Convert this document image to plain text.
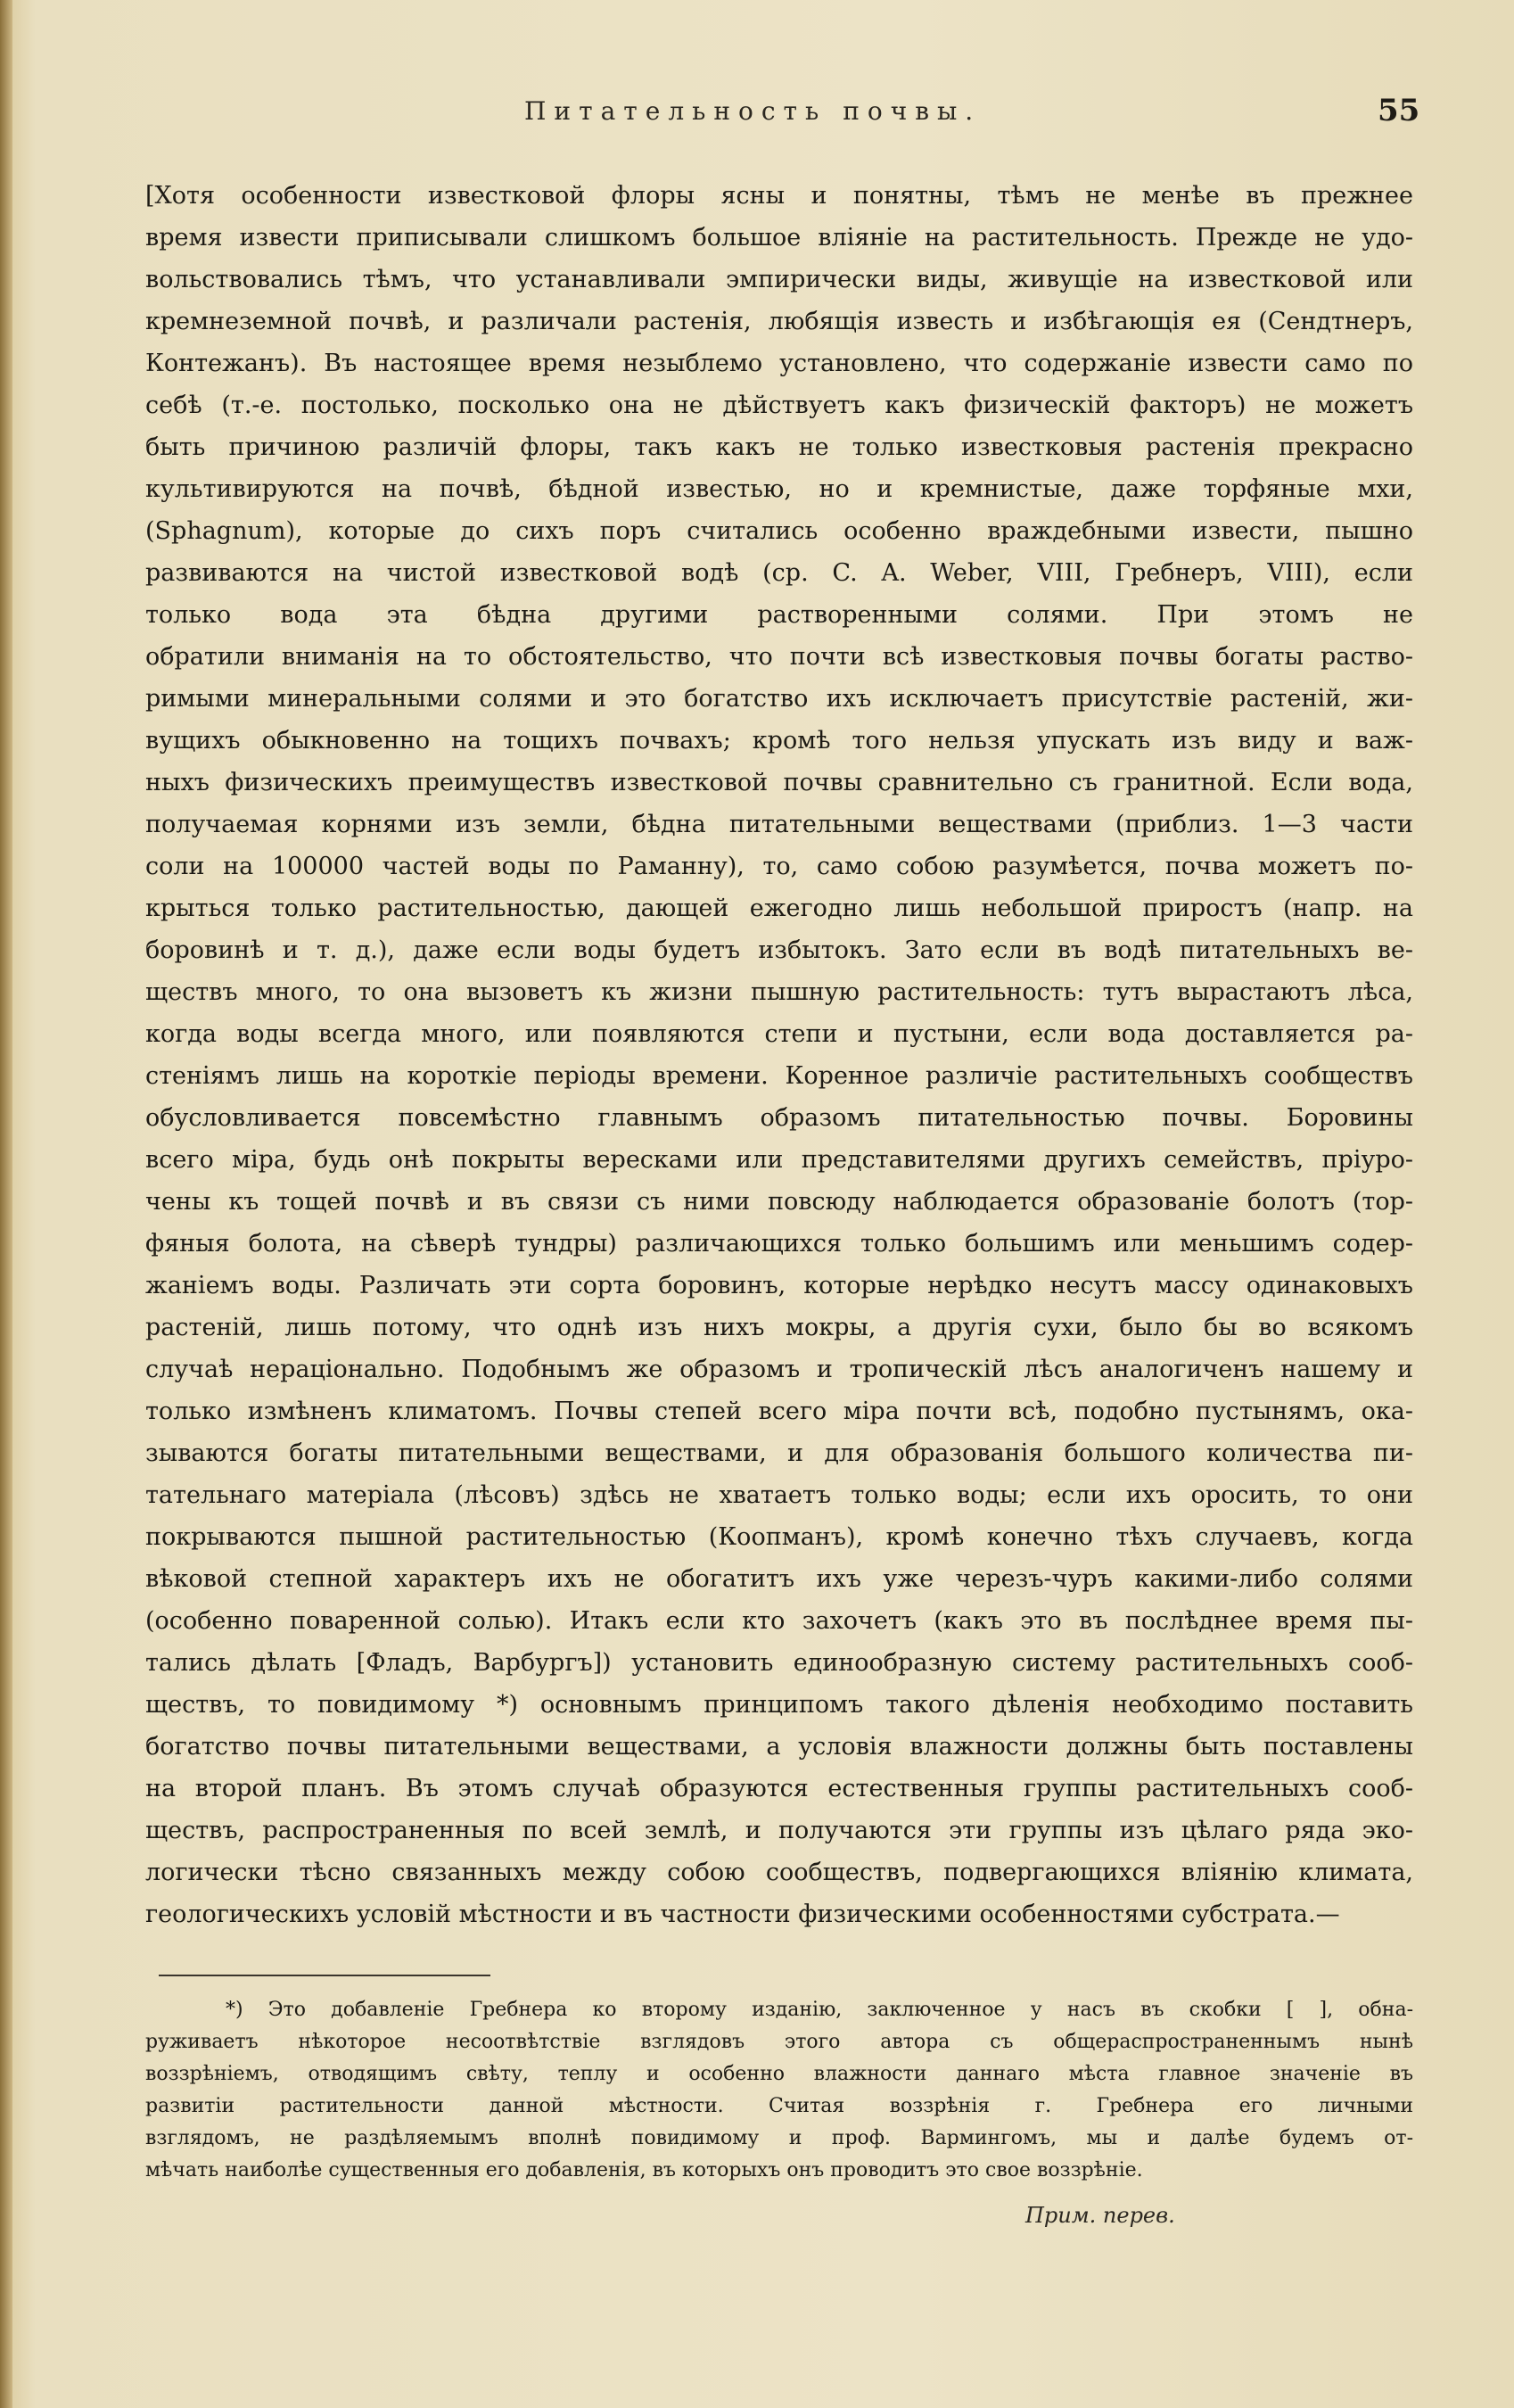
Питательность почвы.	55
[Хотя особенности известковой флоры ясны и понятны, тѣмъ не менѣе въ прежнее
время извести приписывали слишкомъ большое вліяніе на растительность. Прежде не удо-
вольствовались тѣмъ, что устанавливали эмпирически виды, живущіе на известковой или
кремнеземной почвѣ, и различали растенія, любящія известь и избѣгающія ея (Сендтнеръ,
Контежанъ). Въ настоящее время незыблемо установлено, что содержаніе извести само по
себѣ (т.-е. постолько, посколько она не дѣйствуетъ какъ физическій факторъ) не можетъ
быть причиною различій флоры, такъ какъ не только известковыя растенія прекрасно
культивируются на почвѣ, бѣдной известью, но и кремнистые, даже торфяные мхи,
(Sphagnum), которые до сихъ поръ считались особенно враждебными извести, пышно
развиваются на чистой известковой водѣ (ср. C. A. Weber, VIII, Гребнеръ, VIII), если
только вода эта бѣдна другими растворенными солями. При этомъ не
обратили вниманія на то обстоятельство, что почти всѣ известковыя почвы богаты раство-
римыми минеральными солями и это богатство ихъ исключаетъ присутствіе растеній, жи-
вущихъ обыкновенно на тощихъ почвахъ; кромѣ того нельзя упускать изъ виду и важ-
ныхъ физическихъ преимуществъ известковой почвы сравнительно съ гранитной. Если вода,
получаемая корнями изъ земли, бѣдна питательными веществами (приблиз. 1—3 части
соли на 100000 частей воды по Раманну), то, само собою разумѣется, почва можетъ по-
крыться только растительностью, дающей ежегодно лишь небольшой приростъ (напр. на
боровинѣ и т. д.), даже если воды будетъ избытокъ. Зато если въ водѣ питательныхъ ве-
ществъ много, то она вызоветъ къ жизни пышную растительность: тутъ вырастаютъ лѣса,
когда воды всегда много, или появляются степи и пустыни, если вода доставляется ра-
стеніямъ лишь на короткіе періоды времени. Коренное различіе растительныхъ сообществъ
обусловливается повсемѣстно главнымъ образомъ питательностью почвы. Боровины
всего міра, будь онѣ покрыты вересками или представителями другихъ семействъ, пріуро-
чены къ тощей почвѣ и въ связи съ ними повсюду наблюдается образованіе болотъ (тор-
фяныя болота, на сѣверѣ тундры) различающихся только большимъ или меньшимъ содер-
жаніемъ воды. Различать эти сорта боровинъ, которые нерѣдко несутъ массу одинаковыхъ
растеній, лишь потому, что однѣ изъ нихъ мокры, а другія сухи, было бы во всякомъ
случаѣ нераціонально. Подобнымъ же образомъ и тропическій лѣсъ аналогиченъ нашему и
только измѣненъ климатомъ. Почвы степей всего міра почти всѣ, подобно пустынямъ, ока-
зываются богаты питательными веществами, и для образованія большого количества пи-
тательнаго матеріала (лѣсовъ) здѣсь не хватаетъ только воды; если ихъ оросить, то они
покрываются пышной растительностью (Коопманъ), кромѣ конечно тѣхъ случаевъ, когда
вѣковой степной характеръ ихъ не обогатитъ ихъ уже черезъ-чуръ какими-либо солями
(особенно поваренной солью). Итакъ если кто захочетъ (какъ это въ послѣднее время пы-
тались дѣлать [Фладъ, Варбургъ]) установить единообразную систему растительныхъ сооб-
ществъ, то повидимому *) основнымъ принципомъ такого дѣленія необходимо поставить
богатство почвы питательными веществами, а условія влажности должны быть поставлены
на второй планъ. Въ этомъ случаѣ образуются естественныя группы растительныхъ сооб-
ществъ, распространенныя по всей землѣ, и получаются эти группы изъ цѣлаго ряда эко-
логически тѣсно связанныхъ между собою сообществъ, подвергающихся вліянію климата,
геологическихъ условій мѣстности и въ частности физическими особенностями субстрата.—
*) Это добавленіе Гребнера ко второму изданію, заключенное у насъ въ скобки [ ], обна-
руживаетъ нѣкоторое несоотвѣтствіе взглядовъ этого автора съ общераспространеннымъ нынѣ
воззрѣніемъ, отводящимъ свѣту, теплу и особенно влажности даннаго мѣста главное значеніе въ
развитіи растительности данной мѣстности. Считая воззрѣнія г. Гребнера его личными
взглядомъ, не раздѣляемымъ вполнѣ повидимому и проф. Вармингомъ, мы и далѣе будемъ от-
мѣчать наиболѣе существенныя его добавленія, въ которыхъ онъ проводитъ это свое воззрѣніе.
Прим. перев.
